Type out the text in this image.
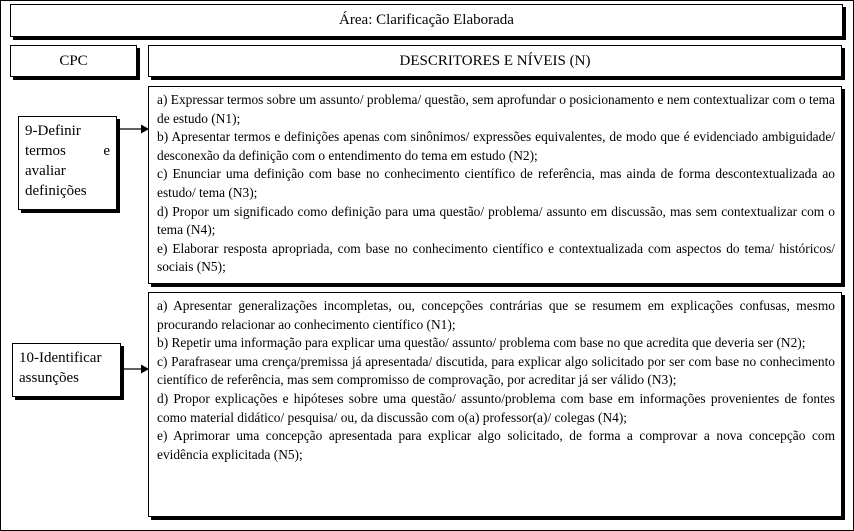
Área: Clarificação Elaborada
CPC	DESCRITORES E NÍVEIS (N)
9-Definir
termos e
avaliar
definições

a) Expressar termos sobre um assunto/ problema/ questão, sem aprofundar o posicionamento e nem contextualizar com o tema de estudo (N1);

b) Apresentar termos e definições apenas com sinônimos/ expressões equivalentes, de modo que é evidenciado ambiguidade/ desconexão da definição com o entendimento do tema em estudo (N2);

c) Enunciar uma definição com base no conhecimento científico de referência, mas ainda de forma descontextualizada ao estudo/ tema (N3);

d) Propor um significado como definição para uma questão/ problema/ assunto em discussão, mas sem contextualizar com o tema (N4);

e) Elaborar resposta apropriada, com base no conhecimento científico e contextualizada com aspectos do tema/ históricos/ sociais (N5);

10-Identificar
assunções

a) Apresentar generalizações incompletas, ou, concepções contrárias que se resumem em explicações confusas, mesmo procurando relacionar ao conhecimento científico (N1);

b) Repetir uma informação para explicar uma questão/ assunto/ problema com base no que acredita que deveria ser (N2);

c) Parafrasear uma crença/premissa já apresentada/ discutida, para explicar algo solicitado por ser com base no conhecimento científico de referência, mas sem compromisso de comprovação, por acreditar já ser válido (N3);

d) Propor explicações e hipóteses sobre uma questão/ assunto/problema com base em informações provenientes de fontes como material didático/ pesquisa/ ou, da discussão com o(a) professor(a)/ colegas (N4);

e) Aprimorar uma concepção apresentada para explicar algo solicitado, de forma a comprovar a nova concepção com evidência explicitada (N5);
